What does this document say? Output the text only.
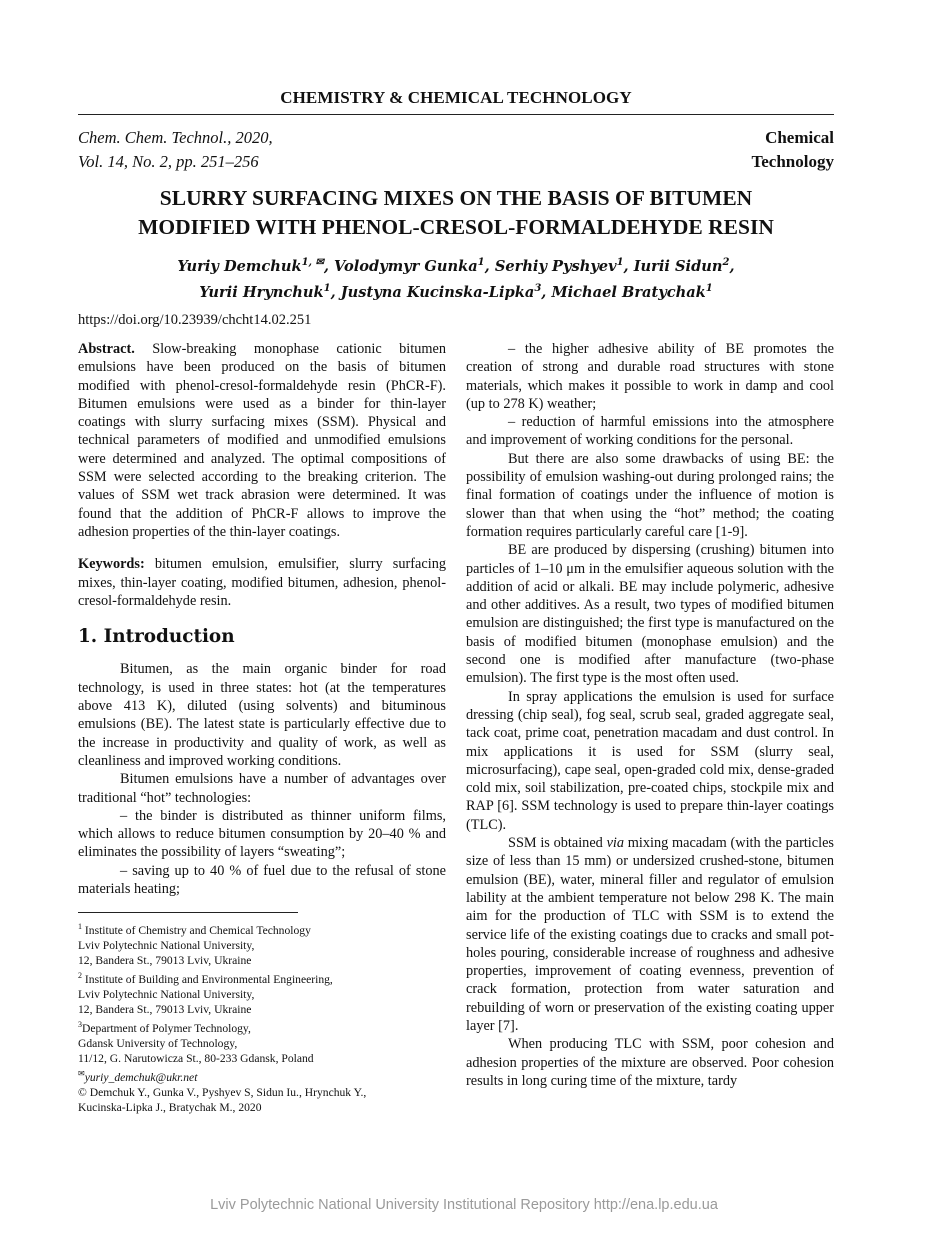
CHEMISTRY & CHEMICAL TECHNOLOGY
Chem. Chem. Technol., 2020,
Vol. 14, No. 2, pp. 251‒256
Chemical
Technology
SLURRY SURFACING MIXES ON THE BASIS OF BITUMEN
MODIFIED WITH PHENOL-CRESOL-FORMALDEHYDE RESIN
Yuriy Demchuk$^{1, ✉}$, Volodymyr Gunka$^1$, Serhiy Pyshyev$^1$, Iurii Sidun$^2$,
Yurii Hrynchuk$^1$, Justyna Kucinska-Lipka$^3$, Michael Bratychak$^1$
https://doi.org/10.23939/chcht14.02.251

Abstract. Slow-breaking monophase cationic bitumen emulsions have been produced on the basis of bitumen modified with phenol-cresol-formaldehyde resin (PhCR-F). Bitumen emulsions were used as a binder for thin-layer coatings with slurry surfacing mixes (SSM). Physical and technical parameters of modified and unmodified emulsions were determined and analyzed. The optimal compositions of SSM were selected according to the breaking criterion. The values of SSM wet track abrasion were determined. It was found that the addition of PhCR-F allows to improve the adhesion properties of the thin-layer coatings.

Keywords: bitumen emulsion, emulsifier, slurry surfacing mixes, thin-layer coating, modified bitumen, adhesion, phenol-cresol-formaldehyde resin.

1. Introduction

Bitumen, as the main organic binder for road technology, is used in three states: hot (at the temperatures above 413 K), diluted (using solvents) and bituminous emulsions (BE). The latest state is particularly effective due to the increase in productivity and quality of work, as well as cleanliness and improved working conditions.

Bitumen emulsions have a number of advantages over traditional “hot” technologies:

– the binder is distributed as thinner uniform films, which allows to reduce bitumen consumption by 20–40 % and eliminates the possibility of layers “sweating”;

– saving up to 40 % of fuel due to the refusal of stone materials heating;

$^1$ Institute of Chemistry and Chemical Technology
Lviv Polytechnic National University,
12, Bandera St., 79013 Lviv, Ukraine
$^2$ Institute of Building and Environmental Engineering,
Lviv Polytechnic National University,
12, Bandera St., 79013 Lviv, Ukraine
$^3$Department of Polymer Technology,
Gdansk University of Technology,
11/12, G. Narutowicza St., 80-233 Gdansk, Poland
✉yuriy_demchuk@ukr.net
© Demchuk Y., Gunka V., Pyshyev S, Sidun Iu., Hrynchuk Y.,
Kucinska-Lipka J., Bratychak M., 2020

– the higher adhesive ability of BE promotes the creation of strong and durable road structures with stone materials, which makes it possible to work in damp and cool (up to 278 K) weather;

– reduction of harmful emissions into the atmosphere and improvement of working conditions for the personal.

But there are also some drawbacks of using BE: the possibility of emulsion washing-out during prolonged rains; the final formation of coatings under the influence of motion is slower than that when using the “hot” method; the coating formation requires particularly careful care [1-9].

BE are produced by dispersing (crushing) bitumen into particles of 1–10 μm in the emulsifier aqueous solution with the addition of acid or alkali. BE may include polymeric, adhesive and other additives. As a result, two types of modified bitumen emulsion are distinguished; the first type is manufactured on the basis of modified bitumen (monophase emulsion) and the second one is modified after manufacture (two-phase emulsion). The first type is the most often used.

In spray applications the emulsion is used for surface dressing (chip seal), fog seal, scrub seal, graded aggregate seal, tack coat, prime coat, penetration macadam and dust control. In mix applications it is used for SSM (slurry seal, microsurfacing), cape seal, open-graded cold mix, dense-graded cold mix, soil stabilization, pre-coated chips, stockpile mix and RAP [6]. SSM technology is used to prepare thin-layer coatings (TLC).

SSM is obtained via mixing macadam (with the particles size of less than 15 mm) or undersized crushed-stone, bitumen emulsion (BE), water, mineral filler and regulator of emulsion lability at the ambient temperature not below 298 K. The main aim for the production of TLC with SSM is to extend the service life of the existing coatings due to cracks and small pot-holes pouring, considerable increase of roughness and adhesive properties, improvement of coating evenness, prevention of crack formation, protection from water saturation and rebuilding of worn or preservation of the existing coating upper layer [7].

When producing TLC with SSM, poor cohesion and adhesion properties of the mixture are observed. Poor cohesion results in long curing time of the mixture, tardy

Lviv Polytechnic National University Institutional Repository http://ena.lp.edu.ua
